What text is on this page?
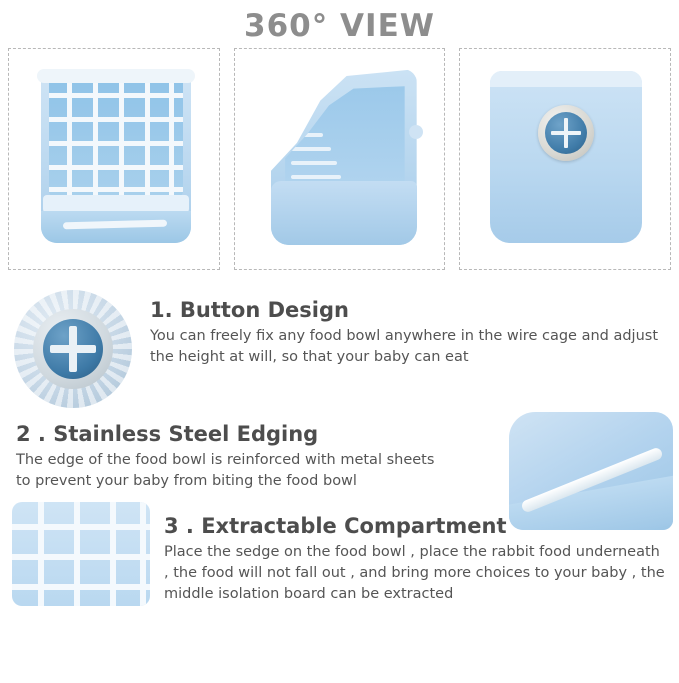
360° VIEW
1. Button Design

You can freely fix any food bowl anywhere in the wire cage and adjust the height at will, so that your baby can eat

2 . Stainless Steel Edging

The edge of the food bowl is reinforced with metal sheets

to prevent your baby from biting the food bowl

3 . Extractable Compartment

Place the sedge on the food bowl , place the rabbit food underneath , the food will not fall out , and bring more choices to your baby , the middle isolation board can be extracted
